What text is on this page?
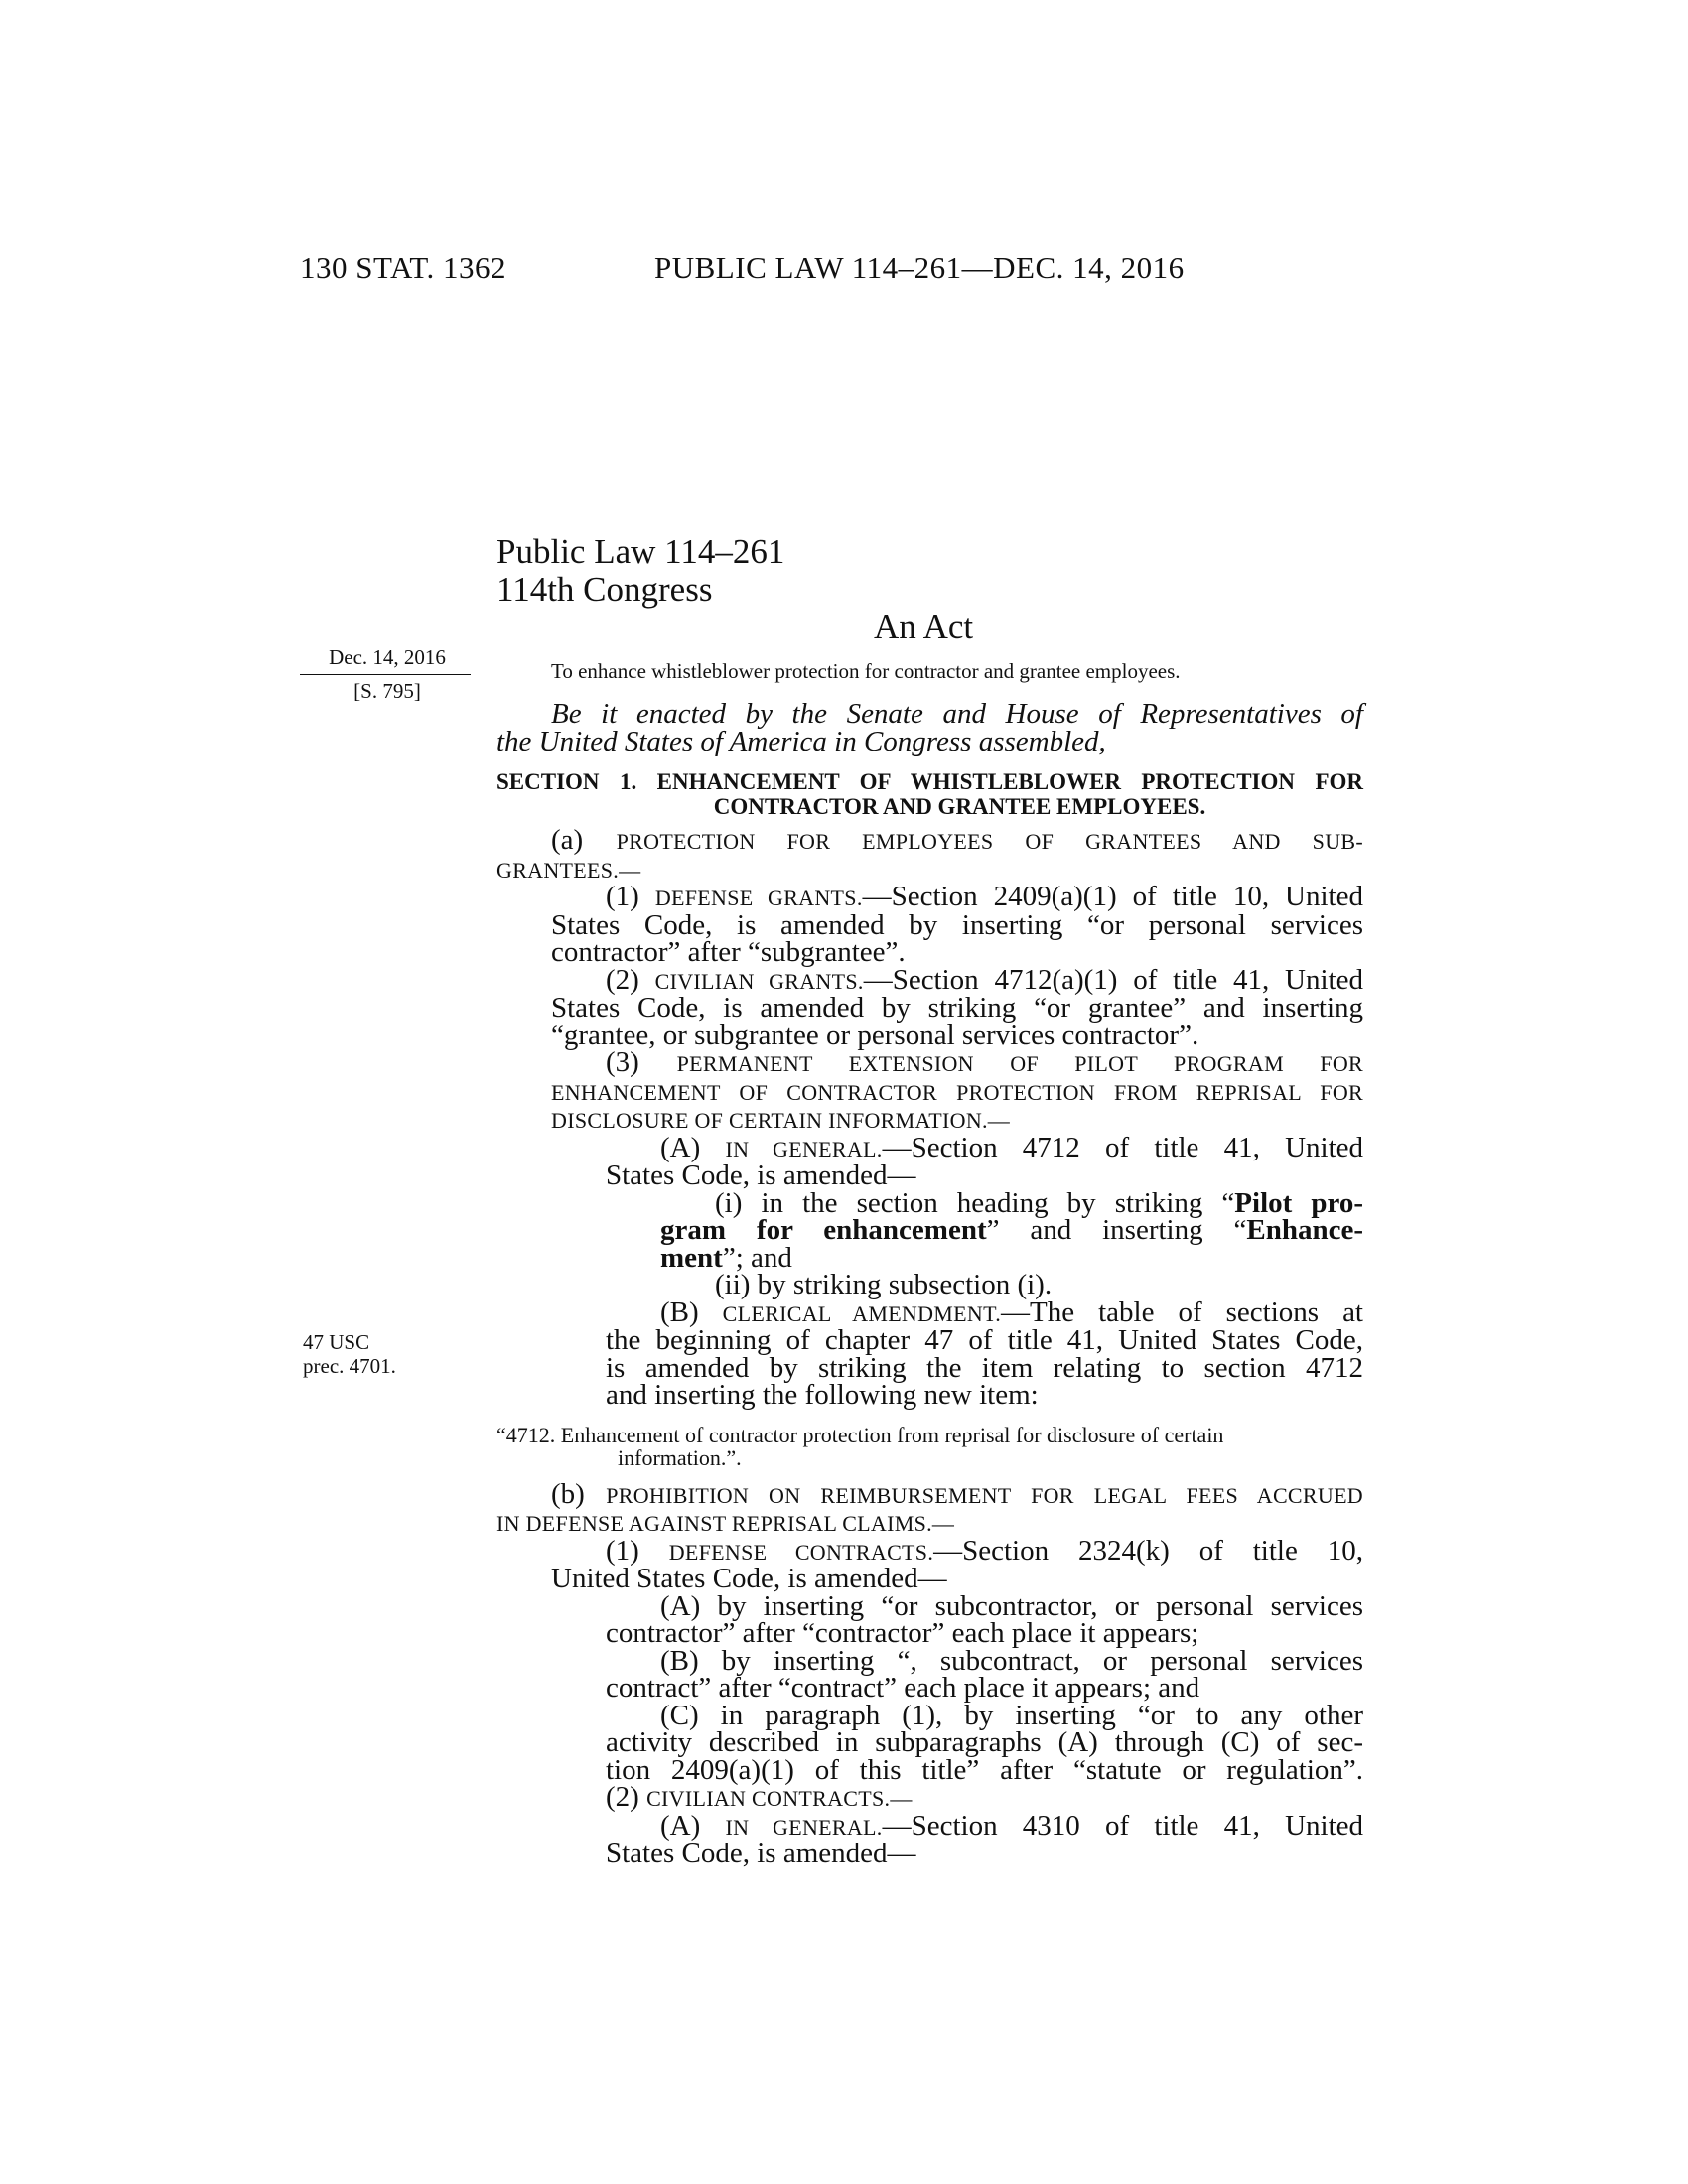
130 STAT. 1362	PUBLIC LAW 114–261—DEC. 14, 2016
Public Law 114–261
114th Congress
An Act
Dec. 14, 2016
[S. 795]
47 USC
prec. 4701.
To enhance whistleblower protection for contractor and grantee employees.

Be it enacted by the Senate and House of Representatives of

the United States of America in Congress assembled,

SECTION 1. ENHANCEMENT OF WHISTLEBLOWER PROTECTION FOR
CONTRACTOR AND GRANTEE EMPLOYEES.

(a) PROTECTION FOR EMPLOYEES OF GRANTEES AND SUB-

GRANTEES.—

(1) DEFENSE GRANTS.—Section 2409(a)(1) of title 10, United

States Code, is amended by inserting “or personal services

contractor” after “subgrantee”.

(2) CIVILIAN GRANTS.—Section 4712(a)(1) of title 41, United

States Code, is amended by striking “or grantee” and inserting

“grantee, or subgrantee or personal services contractor”.

(3) PERMANENT EXTENSION OF PILOT PROGRAM FOR

ENHANCEMENT OF CONTRACTOR PROTECTION FROM REPRISAL FOR

DISCLOSURE OF CERTAIN INFORMATION.—

(A) IN GENERAL.—Section 4712 of title 41, United

States Code, is amended—

(i) in the section heading by striking “Pilot pro-

gram for enhancement” and inserting “Enhance-

ment”; and

(ii) by striking subsection (i).

(B) CLERICAL AMENDMENT.—The table of sections at

the beginning of chapter 47 of title 41, United States Code,

is amended by striking the item relating to section 4712

and inserting the following new item:

“4712. Enhancement of contractor protection from reprisal for disclosure of certain

information.”.

(b) PROHIBITION ON REIMBURSEMENT FOR LEGAL FEES ACCRUED

IN DEFENSE AGAINST REPRISAL CLAIMS.—

(1) DEFENSE CONTRACTS.—Section 2324(k) of title 10,

United States Code, is amended—

(A) by inserting “or subcontractor, or personal services

contractor” after “contractor” each place it appears;

(B) by inserting “, subcontract, or personal services

contract” after “contract” each place it appears; and

(C) in paragraph (1), by inserting “or to any other

activity described in subparagraphs (A) through (C) of sec-

tion 2409(a)(1) of this title” after “statute or regulation”.

(2) CIVILIAN CONTRACTS.—

(A) IN GENERAL.—Section 4310 of title 41, United

States Code, is amended—
